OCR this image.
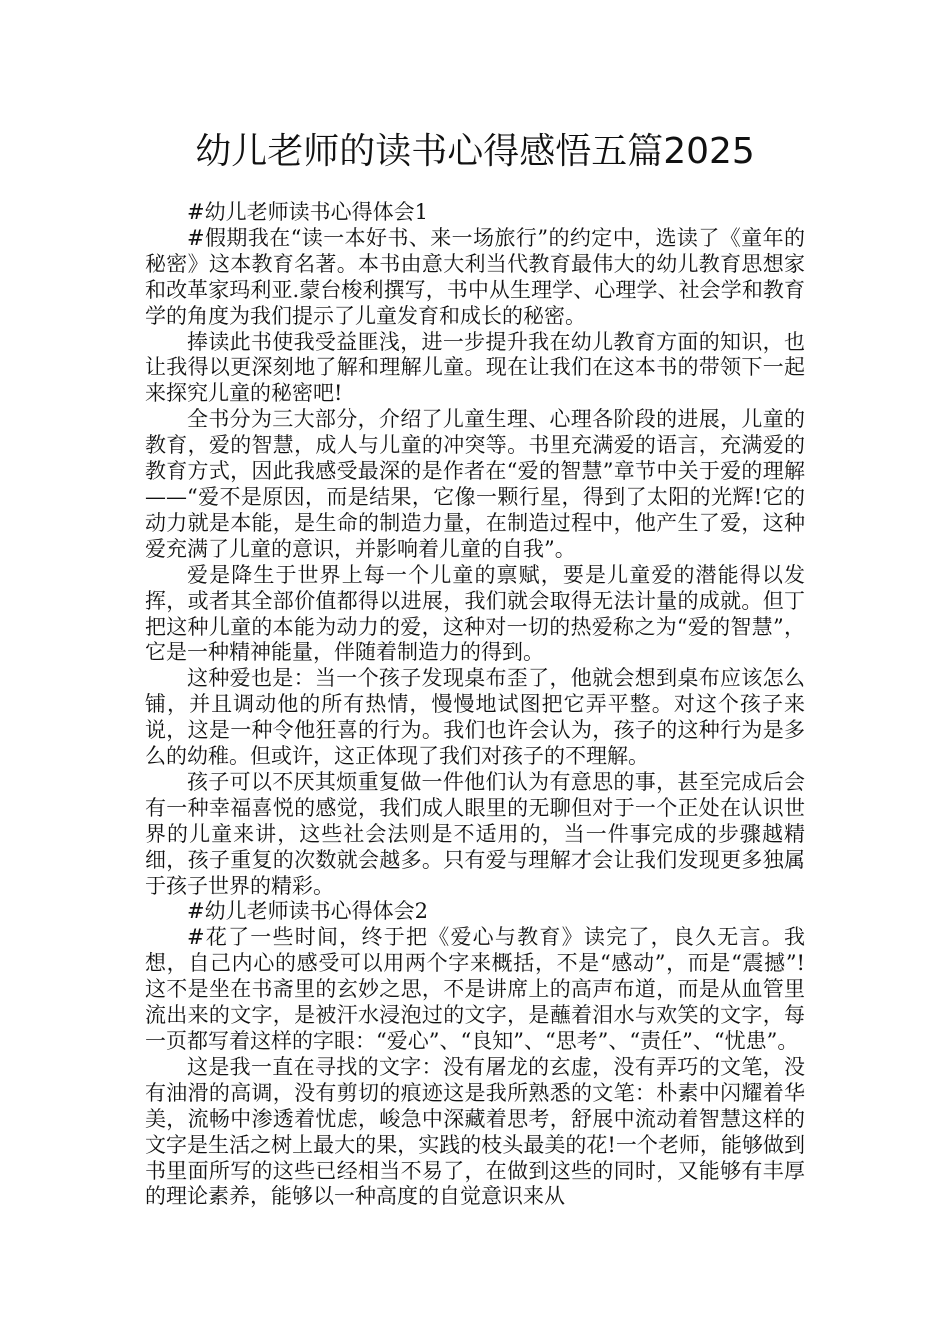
幼儿老师的读书心得感悟五篇2025

#幼儿老师读书心得体会1

#假期我在“读一本好书、来一场旅行”的约定中，选读了《童年的秘密》这本教育名著。本书由意大利当代教育最伟大的幼儿教育思想家和改革家玛利亚.蒙台梭利撰写，书中从生理学、心理学、社会学和教育学的角度为我们提示了儿童发育和成长的秘密。

捧读此书使我受益匪浅，进一步提升我在幼儿教育方面的知识，也让我得以更深刻地了解和理解儿童。现在让我们在这本书的带领下一起来探究儿童的秘密吧!

全书分为三大部分，介绍了儿童生理、心理各阶段的进展，儿童的教育，爱的智慧，成人与儿童的冲突等。书里充满爱的语言，充满爱的教育方式，因此我感受最深的是作者在“爱的智慧”章节中关于爱的理解——“爱不是原因，而是结果，它像一颗行星，得到了太阳的光辉!它的动力就是本能，是生命的制造力量，在制造过程中，他产生了爱，这种爱充满了儿童的意识，并影响着儿童的自我”。

爱是降生于世界上每一个儿童的禀赋，要是儿童爱的潜能得以发挥，或者其全部价值都得以进展，我们就会取得无法计量的成就。但丁把这种儿童的本能为动力的爱，这种对一切的热爱称之为“爱的智慧”，它是一种精神能量，伴随着制造力的得到。

这种爱也是：当一个孩子发现桌布歪了，他就会想到桌布应该怎么铺，并且调动他的所有热情，慢慢地试图把它弄平整。对这个孩子来说，这是一种令他狂喜的行为。我们也许会认为，孩子的这种行为是多么的幼稚。但或许，这正体现了我们对孩子的不理解。

孩子可以不厌其烦重复做一件他们认为有意思的事，甚至完成后会有一种幸福喜悦的感觉，我们成人眼里的无聊但对于一个正处在认识世界的儿童来讲，这些社会法则是不适用的，当一件事完成的步骤越精细，孩子重复的次数就会越多。只有爱与理解才会让我们发现更多独属于孩子世界的精彩。

#幼儿老师读书心得体会2

#花了一些时间，终于把《爱心与教育》读完了，良久无言。我想，自己内心的感受可以用两个字来概括，不是“感动”，而是“震撼”!这不是坐在书斋里的玄妙之思，不是讲席上的高声布道，而是从血管里流出来的文字，是被汗水浸泡过的文字，是蘸着泪水与欢笑的文字，每一页都写着这样的字眼：“爱心”、“良知”、“思考”、“责任”、“忧患”。

这是我一直在寻找的文字：没有屠龙的玄虚，没有弄巧的文笔，没有油滑的高调，没有剪切的痕迹这是我所熟悉的文笔：朴素中闪耀着华美，流畅中渗透着忧虑，峻急中深藏着思考，舒展中流动着智慧这样的文字是生活之树上最大的果，实践的枝头最美的花!一个老师，能够做到书里面所写的这些已经相当不易了，在做到这些的同时，又能够有丰厚的理论素养，能够以一种高度的自觉意识来从
